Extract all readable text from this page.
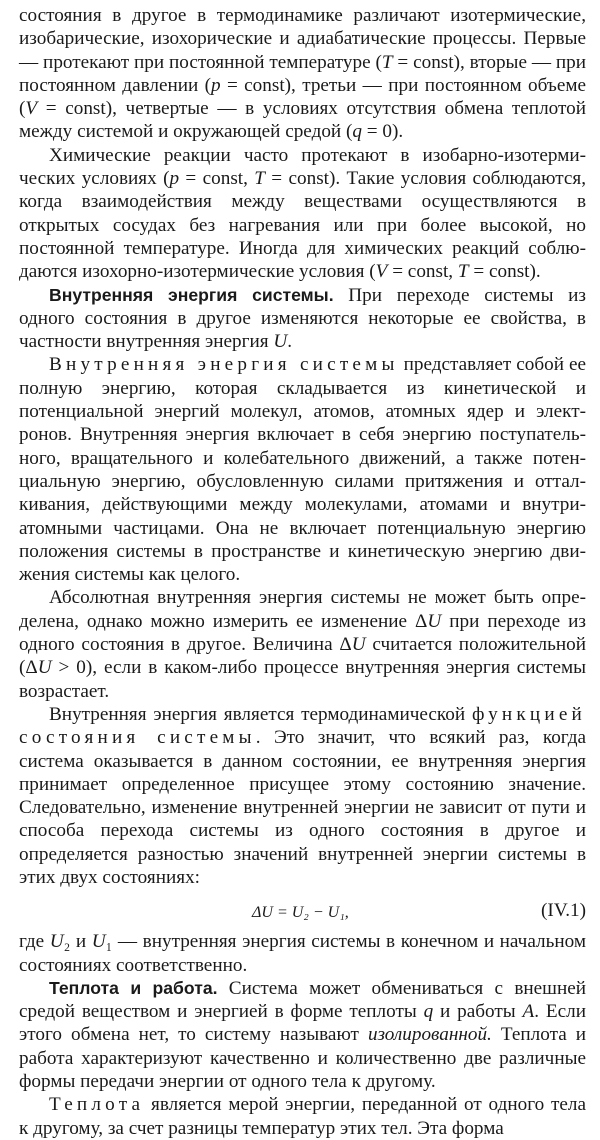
состояния в другое в термодинамике различают изотермические, изобарические, изохорические и адиабатические процессы. Первые — протекают при постоянной температуре (T = const), вторые — при постоянном давлении (p = const), третьи — при постоянном объеме (V = const), четвертые — в условиях отсутствия обмена теплотой между системой и окружающей средой (q = 0).

Химические реакции часто протекают в изобарно-изотермических условиях (p = const, T = const). Такие условия соблюдаются, когда взаимодействия между веществами осуществляются в открытых сосудах без нагревания или при более высокой, но постоянной температуре. Иногда для химических реакций соблюдаются изохорно-изотермические условия (V = const, T = const).

Внутренняя энергия системы. При переходе системы из одного состояния в другое изменяются некоторые ее свойства, в частности внутренняя энергия U.

Внутренняя энергия системы представляет собой ее полную энергию, которая складывается из кинетической и потенциальной энергий молекул, атомов, атомных ядер и электронов. Внутренняя энергия включает в себя энергию поступательного, вращательного и колебательного движений, а также потенциальную энергию, обусловленную силами притяжения и отталкивания, действующими между молекулами, атомами и внутриатомными частицами. Она не включает потенциальную энергию положения системы в пространстве и кинетическую энергию движения системы как целого.

Абсолютная внутренняя энергия системы не может быть определена, однако можно измерить ее изменение ΔU при переходе из одного состояния в другое. Величина ΔU считается положительной (ΔU > 0), если в каком-либо процессе внутренняя энергия системы возрастает.

Внутренняя энергия является термодинамической функцией состояния системы. Это значит, что всякий раз, когда система оказывается в данном состоянии, ее внутренняя энергия принимает определенное присущее этому состоянию значение. Следовательно, изменение внутренней энергии не зависит от пути и способа перехода системы из одного состояния в другое и определяется разностью значений внутренней энергии системы в этих двух состояниях:

ΔU = U₂ − U₁,	(IV.1)

где U₂ и U₁ — внутренняя энергия системы в конечном и начальном состояниях соответственно.

Теплота и работа. Система может обмениваться с внешней средой веществом и энергией в форме теплоты q и работы A. Если этого обмена нет, то систему называют изолированной. Теплота и работа характеризуют качественно и количественно две различные формы передачи энергии от одного тела к другому.

Теплота является мерой энергии, переданной от одного тела к другому, за счет разницы температур этих тел. Эта форма
